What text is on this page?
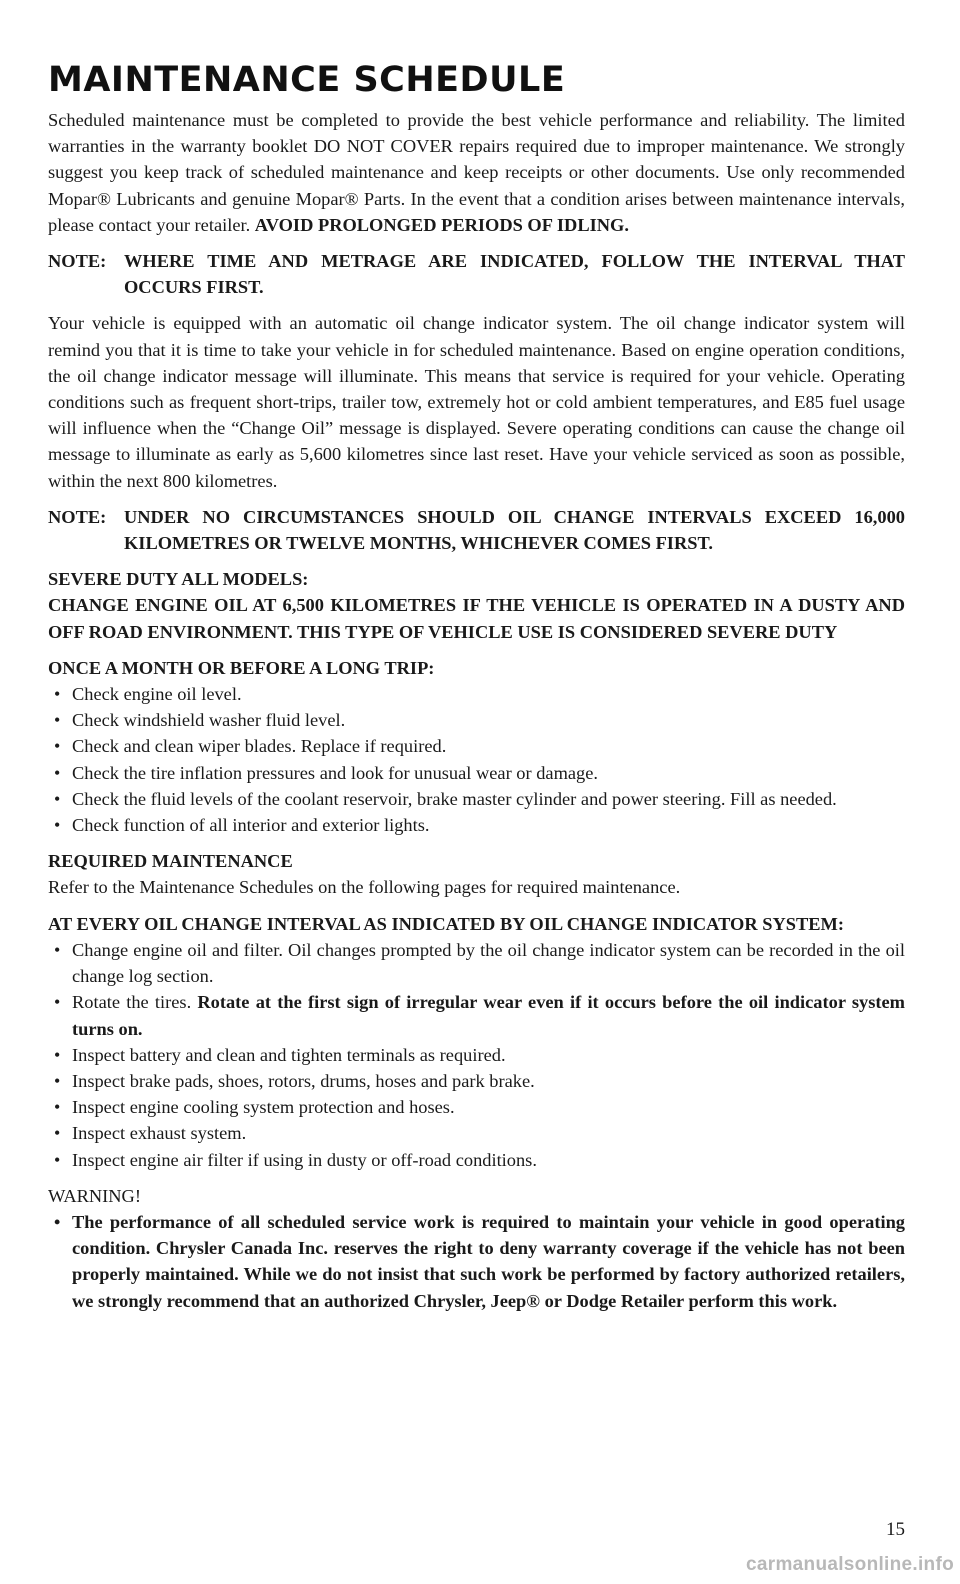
MAINTENANCE SCHEDULE

Scheduled maintenance must be completed to provide the best vehicle performance and reliability. The limited warranties in the warranty booklet DO NOT COVER repairs required due to improper maintenance. We strongly suggest you keep track of scheduled maintenance and keep receipts or other documents. Use only recommended Mopar® Lubricants and genuine Mopar® Parts. In the event that a condition arises between maintenance intervals, please contact your retailer. AVOID PROLONGED PERIODS OF IDLING.

NOTE: WHERE TIME AND METRAGE ARE INDICATED, FOLLOW THE INTERVAL THAT OCCURS FIRST.

Your vehicle is equipped with an automatic oil change indicator system. The oil change indicator system will remind you that it is time to take your vehicle in for scheduled maintenance. Based on engine operation conditions, the oil change indicator message will illuminate. This means that service is required for your vehicle. Operating conditions such as frequent short-trips, trailer tow, extremely hot or cold ambient temperatures, and E85 fuel usage will influence when the “Change Oil” message is displayed. Severe operating conditions can cause the change oil message to illuminate as early as 5,600 kilometres since last reset. Have your vehicle serviced as soon as possible, within the next 800 kilometres.

NOTE: UNDER NO CIRCUMSTANCES SHOULD OIL CHANGE INTERVALS EXCEED 16,000 KILOMETRES OR TWELVE MONTHS, WHICHEVER COMES FIRST.

SEVERE DUTY ALL MODELS:

CHANGE ENGINE OIL AT 6,500 KILOMETRES IF THE VEHICLE IS OPERATED IN A DUSTY AND OFF ROAD ENVIRONMENT. THIS TYPE OF VEHICLE USE IS CONSIDERED SEVERE DUTY

ONCE A MONTH OR BEFORE A LONG TRIP:

• Check engine oil level.
• Check windshield washer fluid level.
• Check and clean wiper blades. Replace if required.
• Check the tire inflation pressures and look for unusual wear or damage.
• Check the fluid levels of the coolant reservoir, brake master cylinder and power steering. Fill as needed.
• Check function of all interior and exterior lights.

REQUIRED MAINTENANCE

Refer to the Maintenance Schedules on the following pages for required maintenance.

AT EVERY OIL CHANGE INTERVAL AS INDICATED BY OIL CHANGE INDICATOR SYSTEM:

• Change engine oil and filter. Oil changes prompted by the oil change indicator system can be recorded in the oil change log section.
• Rotate the tires. Rotate at the first sign of irregular wear even if it occurs before the oil indicator system turns on.
• Inspect battery and clean and tighten terminals as required.
• Inspect brake pads, shoes, rotors, drums, hoses and park brake.
• Inspect engine cooling system protection and hoses.
• Inspect exhaust system.
• Inspect engine air filter if using in dusty or off-road conditions.

WARNING!

• The performance of all scheduled service work is required to maintain your vehicle in good operating condition. Chrysler Canada Inc. reserves the right to deny warranty coverage if the vehicle has not been properly maintained. While we do not insist that such work be performed by factory authorized retailers, we strongly recommend that an authorized Chrysler, Jeep® or Dodge Retailer perform this work.
15
carmanualsonline.info
